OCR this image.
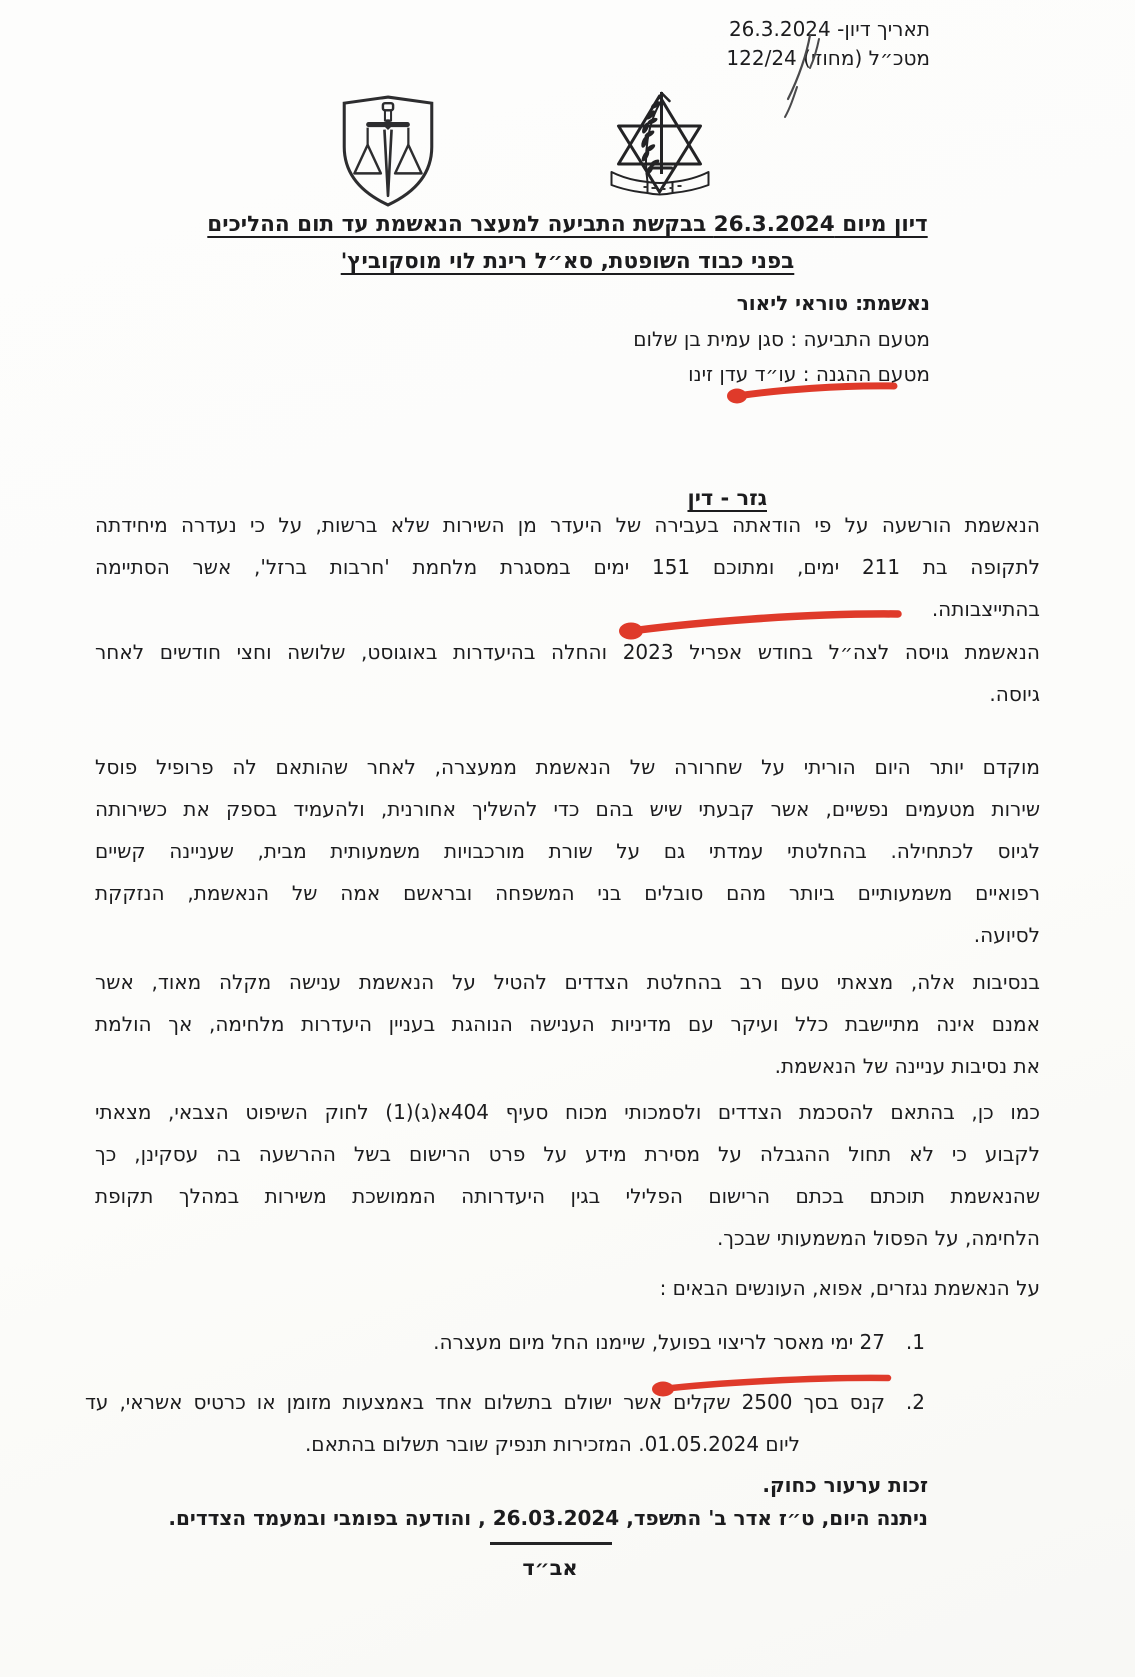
תאריך דיון- 26.3.2024
מטכ״ל (מחוזי) 122/24
דיון מיום 26.3.2024 בבקשת התביעה למעצר הנאשמת עד תום ההליכים
בפני כבוד השופטת, סא״ל רינת לוי מוסקוביץ'
נאשמת: טוראי ליאור
מטעם התביעה : סגן עמית בן שלום
מטעם ההגנה : עו״ד עדן זינו
גזר - דין
הנאשמת הורשעה על פי הודאתה בעבירה של היעדר מן השירות שלא ברשות, על כי נעדרה מיחידתה
לתקופה בת 211 ימים, ומתוכם 151 ימים במסגרת מלחמת 'חרבות ברזל', אשר הסתיימה
בהתייצבותה.
הנאשמת גויסה לצה״ל בחודש אפריל 2023 והחלה בהיעדרות באוגוסט, שלושה וחצי חודשים לאחר
גיוסה.
מוקדם יותר היום הוריתי על שחרורה של הנאשמת ממעצרה, לאחר שהותאם לה פרופיל פוסל
שירות מטעמים נפשיים, אשר קבעתי שיש בהם כדי להשליך אחורנית, ולהעמיד בספק את כשירותה
לגיוס לכתחילה. בהחלטתי עמדתי גם על שורת מורכבויות משמעותית מבית, שעניינה קשיים
רפואיים משמעותיים ביותר מהם סובלים בני המשפחה ובראשם אמה של הנאשמת, הנזקקת
לסיועה.
בנסיבות אלה, מצאתי טעם רב בהחלטת הצדדים להטיל על הנאשמת ענישה מקלה מאוד, אשר
אמנם אינה מתיישבת כלל ועיקר עם מדיניות הענישה הנוהגת בעניין היעדרות מלחימה, אך הולמת
את נסיבות עניינה של הנאשמת.
כמו כן, בהתאם להסכמת הצדדים ולסמכותי מכוח סעיף 404א(ג)(1) לחוק השיפוט הצבאי, מצאתי
לקבוע כי לא תחול ההגבלה על מסירת מידע על פרט הרישום בשל ההרשעה בה עסקינן, כך
שהנאשמת תוכתם בכתם הרישום הפלילי בגין היעדרותה הממושכת משירות במהלך תקופת
הלחימה, על הפסול המשמעותי שבכך.
על הנאשמת נגזרים, אפוא, העונשים הבאים :
1.
27 ימי מאסר לריצוי בפועל, שיימנו החל מיום מעצרה.
2.
קנס בסך 2500 שקלים אשר ישולם בתשלום אחד באמצעות מזומן או כרטיס אשראי, עד
ליום 01.05.2024. המזכירות תנפיק שובר תשלום בהתאם.
זכות ערעור כחוק.
ניתנה היום, ט״ז אדר ב' התשפד, 26.03.2024 , והודעה בפומבי ובמעמד הצדדים.
אב״ד
